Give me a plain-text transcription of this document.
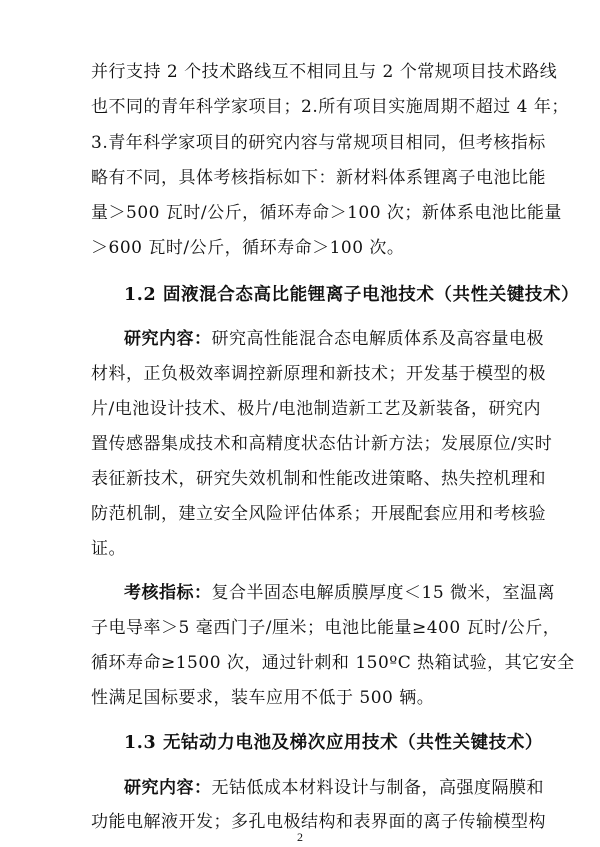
并行支持 2 个技术路线互不相同且与 2 个常规项目技术路线
也不同的青年科学家项目；2.所有项目实施周期不超过 4 年；
3.青年科学家项目的研究内容与常规项目相同，但考核指标
略有不同，具体考核指标如下：新材料体系锂离子电池比能
量＞500 瓦时/公斤，循环寿命＞100 次；新体系电池比能量
＞600 瓦时/公斤，循环寿命＞100 次。
1.2 固液混合态高比能锂离子电池技术（共性关键技术）
研究内容：研究高性能混合态电解质体系及高容量电极
材料，正负极效率调控新原理和新技术；开发基于模型的极
片/电池设计技术、极片/电池制造新工艺及新装备，研究内
置传感器集成技术和高精度状态估计新方法；发展原位/实时
表征新技术，研究失效机制和性能改进策略、热失控机理和
防范机制，建立安全风险评估体系；开展配套应用和考核验
证。
考核指标：复合半固态电解质膜厚度＜15 微米，室温离
子电导率＞5 毫西门子/厘米；电池比能量≥400 瓦时/公斤，
循环寿命≥1500 次，通过针刺和 150ºC 热箱试验，其它安全
性满足国标要求，装车应用不低于 500 辆。
1.3 无钴动力电池及梯次应用技术（共性关键技术）
研究内容：无钴低成本材料设计与制备，高强度隔膜和
功能电解液开发；多孔电极结构和表界面的离子传输模型构
2
